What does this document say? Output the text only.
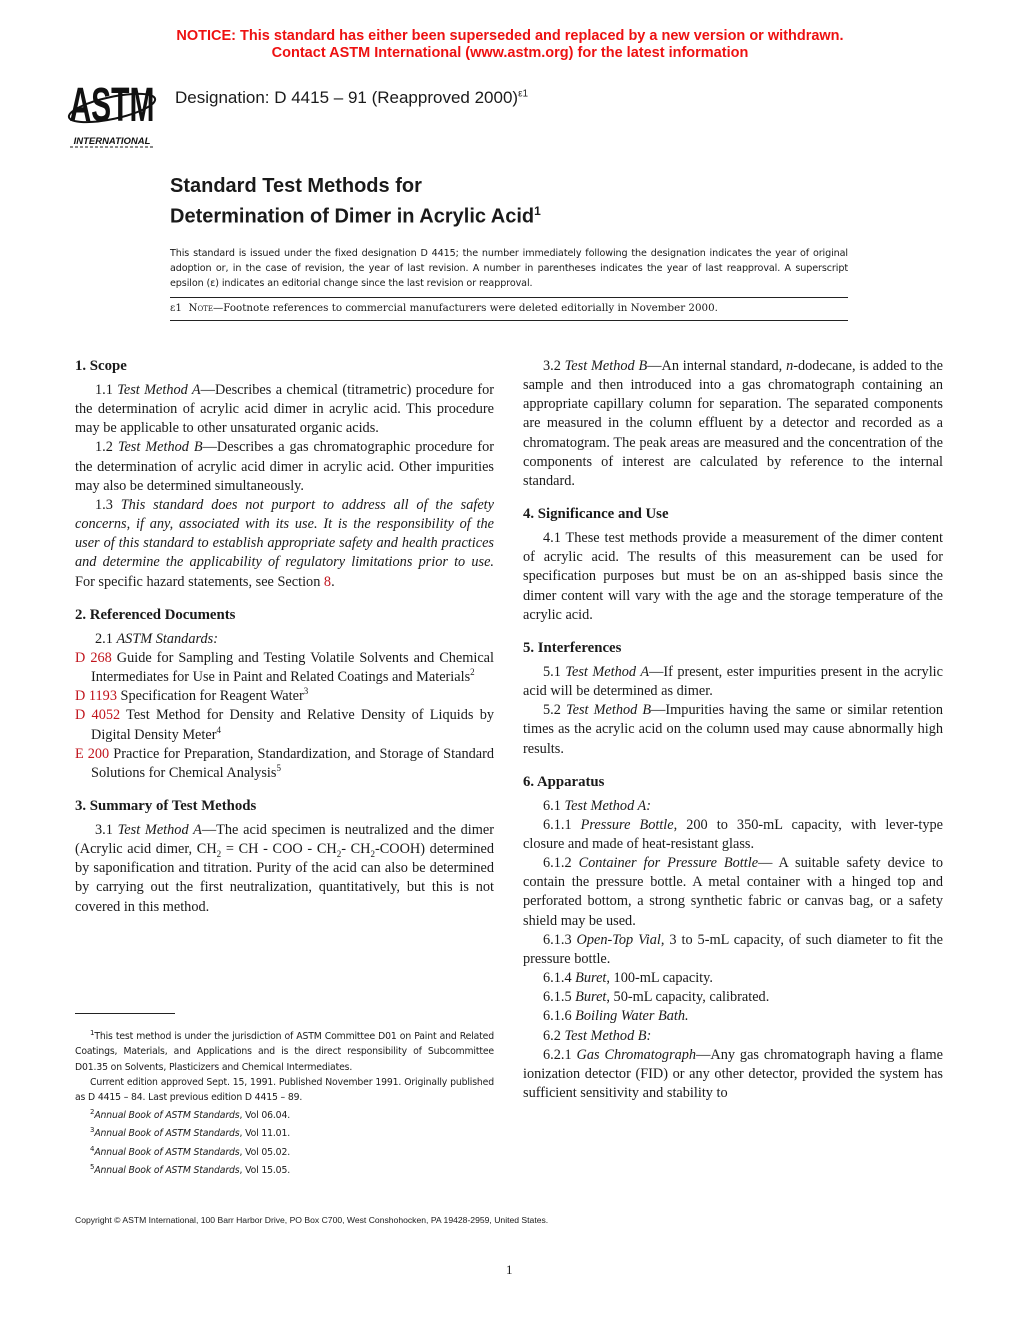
NOTICE: This standard has either been superseded and replaced by a new version or withdrawn.
Contact ASTM International (www.astm.org) for the latest information
ASTM
INTERNATIONAL
Designation: D 4415 – 91 (Reapproved 2000)$^{\varepsilon 1}$
Standard Test Methods for
Determination of Dimer in Acrylic Acid$^1$
This standard is issued under the fixed designation D 4415; the number immediately following the designation indicates the year of original adoption or, in the case of revision, the year of last revision. A number in parentheses indicates the year of last reapproval. A superscript epsilon (ε) indicates an editorial change since the last revision or reapproval.
ε1 Note—Footnote references to commercial manufacturers were deleted editorially in November 2000.
1. Scope

1.1 Test Method A—Describes a chemical (titrametric) procedure for the determination of acrylic acid dimer in acrylic acid. This procedure may be applicable to other unsaturated organic acids.

1.2 Test Method B—Describes a gas chromatographic procedure for the determination of acrylic acid dimer in acrylic acid. Other impurities may also be determined simultaneously.

1.3 This standard does not purport to address all of the safety concerns, if any, associated with its use. It is the responsibility of the user of this standard to establish appropriate safety and health practices and determine the applicability of regulatory limitations prior to use. For specific hazard statements, see Section 8.

2. Referenced Documents

2.1 ASTM Standards:

D 268 Guide for Sampling and Testing Volatile Solvents and Chemical Intermediates for Use in Paint and Related Coatings and Materials$^2$
D 1193 Specification for Reagent Water$^3$
D 4052 Test Method for Density and Relative Density of Liquids by Digital Density Meter$^4$
E 200 Practice for Preparation, Standardization, and Storage of Standard Solutions for Chemical Analysis$^5$
3. Summary of Test Methods

3.1 Test Method A—The acid specimen is neutralized and the dimer (Acrylic acid dimer, $CH_2$ = CH - COO - $CH_2-$ $CH_2-COOH$) determined by saponification and titration. Purity of the acid can also be determined by carrying out the first neutralization, quantitatively, but this is not covered in this method.

$^1$This test method is under the jurisdiction of ASTM Committee D01 on Paint and Related Coatings, Materials, and Applications and is the direct responsibility of Subcommittee D01.35 on Solvents, Plasticizers and Chemical Intermediates.

Current edition approved Sept. 15, 1991. Published November 1991. Originally published as D 4415 – 84. Last previous edition D 4415 – 89.

$^2$Annual Book of ASTM Standards, Vol 06.04.

$^3$Annual Book of ASTM Standards, Vol 11.01.

$^4$Annual Book of ASTM Standards, Vol 05.02.

$^5$Annual Book of ASTM Standards, Vol 15.05.

3.2 Test Method B—An internal standard, n-dodecane, is added to the sample and then introduced into a gas chromatograph containing an appropriate capillary column for separation. The separated components are measured in the column effluent by a detector and recorded as a chromatogram. The peak areas are measured and the concentration of the components of interest are calculated by reference to the internal standard.

4. Significance and Use

4.1 These test methods provide a measurement of the dimer content of acrylic acid. The results of this measurement can be used for specification purposes but must be on an as-shipped basis since the dimer content will vary with the age and the storage temperature of the acrylic acid.

5. Interferences

5.1 Test Method A—If present, ester impurities present in the acrylic acid will be determined as dimer.

5.2 Test Method B—Impurities having the same or similar retention times as the acrylic acid on the column used may cause abnormally high results.

6. Apparatus

6.1 Test Method A:

6.1.1 Pressure Bottle, 200 to 350-mL capacity, with lever-type closure and made of heat-resistant glass.

6.1.2 Container for Pressure Bottle— A suitable safety device to contain the pressure bottle. A metal container with a hinged top and perforated bottom, a strong synthetic fabric or canvas bag, or a safety shield may be used.

6.1.3 Open-Top Vial, 3 to 5-mL capacity, of such diameter to fit the pressure bottle.

6.1.4 Buret, 100-mL capacity.

6.1.5 Buret, 50-mL capacity, calibrated.

6.1.6 Boiling Water Bath.

6.2 Test Method B:

6.2.1 Gas Chromatograph—Any gas chromatograph having a flame ionization detector (FID) or any other detector, provided the system has sufficient sensitivity and stability to

Copyright © ASTM International, 100 Barr Harbor Drive, PO Box C700, West Conshohocken, PA 19428-2959, United States.
1
